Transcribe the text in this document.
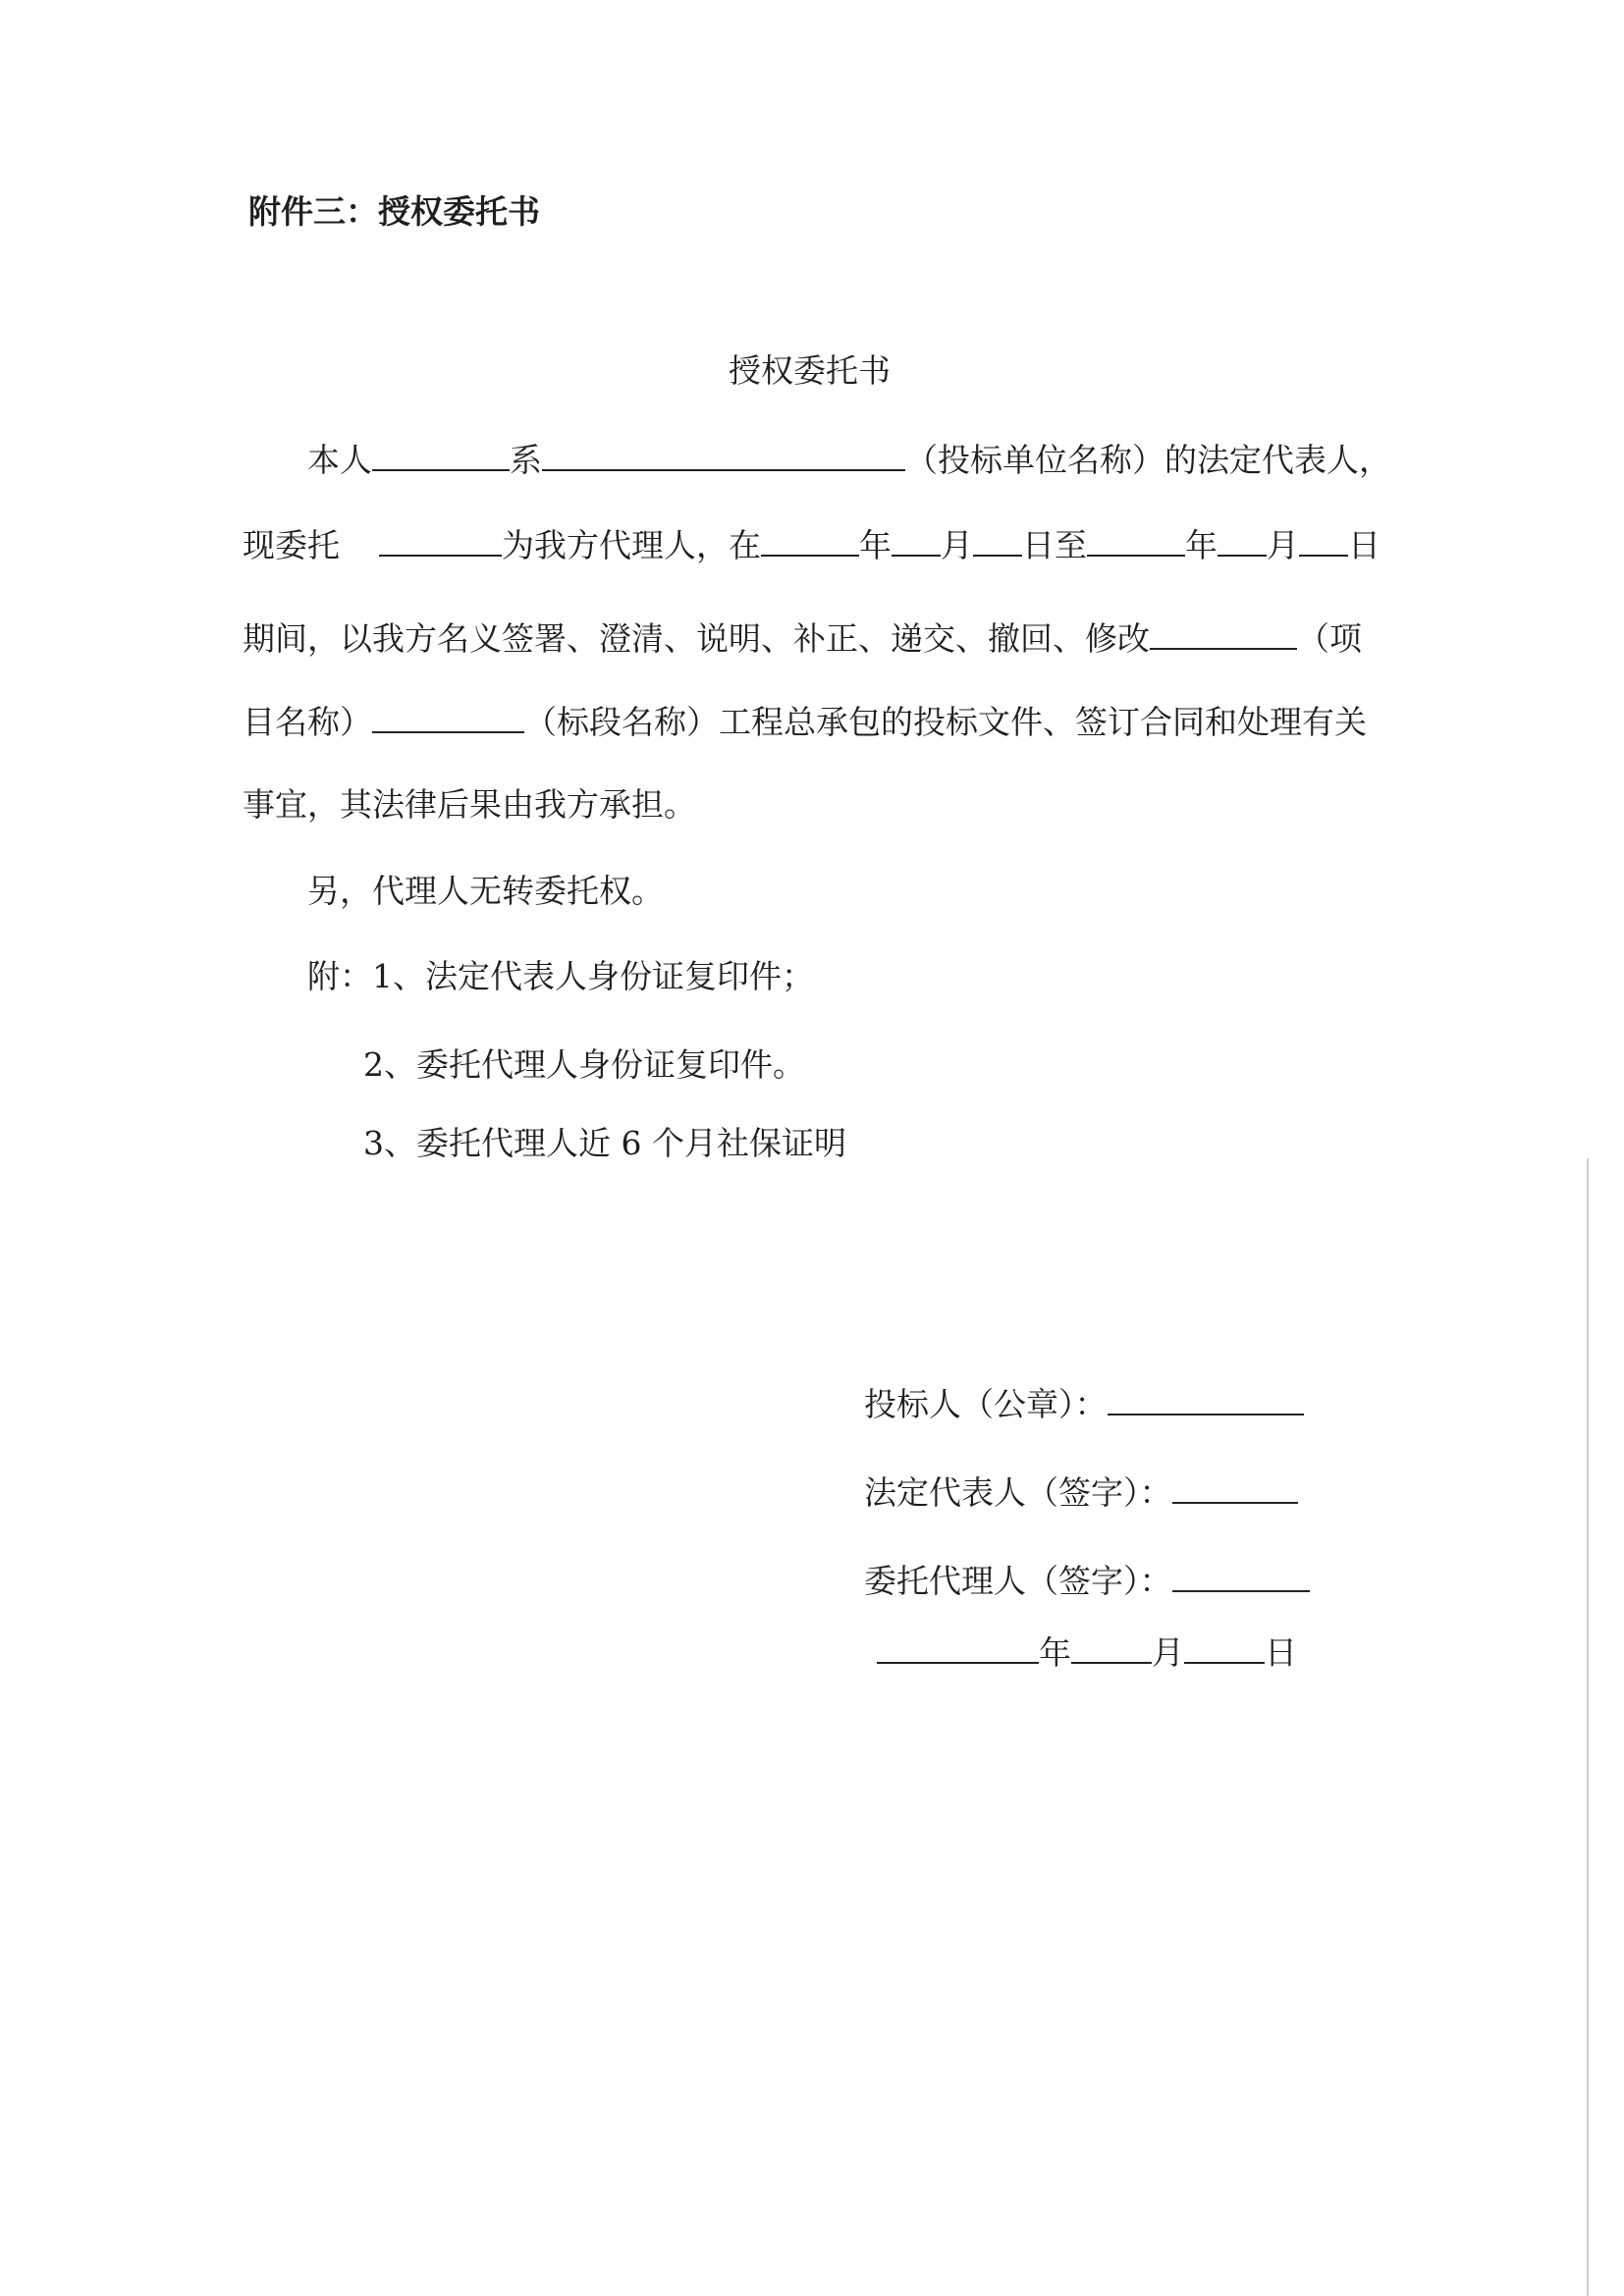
附件三：授权委托书
授权委托书
本人	系	（投标单位名称）的法定代表人，
现委托	为我方代理人，在	年 月 日至	年 月 日
期间，以我方名义签署、澄清、说明、补正、递交、撤回、修改	（项
目名称）	（标段名称）工程总承包的投标文件、签订合同和处理有关
事宜，其法律后果由我方承担。
另，代理人无转委托权。
附：1、法定代表人身份证复印件；
2、委托代理人身份证复印件。
3、委托代理人近 6 个月社保证明
投标人（公章）：
法定代表人（签字）：
委托代理人（签字）：
年 月 日
